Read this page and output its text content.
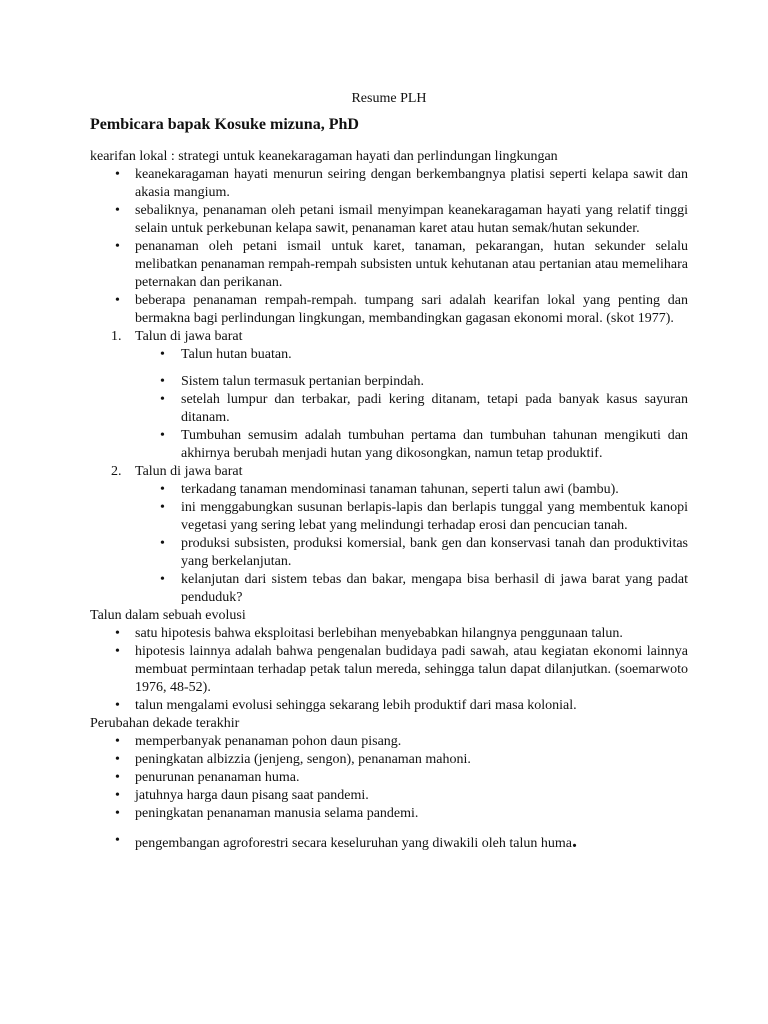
Resume PLH
Pembicara bapak Kosuke mizuna, PhD

kearifan lokal : strategi untuk keanekaragaman hayati dan perlindungan lingkungan

• keanekaragaman hayati menurun seiring dengan berkembangnya platisi seperti kelapa sawit dan akasia mangium.
• sebaliknya, penanaman oleh petani ismail menyimpan keanekaragaman hayati yang relatif tinggi selain untuk perkebunan kelapa sawit, penanaman karet atau hutan semak/hutan sekunder.
• penanaman oleh petani ismail untuk karet, tanaman, pekarangan, hutan sekunder selalu melibatkan penanaman rempah-rempah subsisten untuk kehutanan atau pertanian atau memelihara peternakan dan perikanan.
• beberapa penanaman rempah-rempah. tumpang sari adalah kearifan lokal yang penting dan bermakna bagi perlindungan lingkungan, membandingkan gagasan ekonomi moral. (skot 1977).
1. Talun di jawa barat
• Talun hutan buatan.
• Sistem talun termasuk pertanian berpindah.
• setelah lumpur dan terbakar, padi kering ditanam, tetapi pada banyak kasus sayuran ditanam.
• Tumbuhan semusim adalah tumbuhan pertama dan tumbuhan tahunan mengikuti dan akhirnya berubah menjadi hutan yang dikosongkan, namun tetap produktif.
2. Talun di jawa barat
• terkadang tanaman mendominasi tanaman tahunan, seperti talun awi (bambu).
• ini menggabungkan susunan berlapis-lapis dan berlapis tunggal yang membentuk kanopi vegetasi yang sering lebat yang melindungi terhadap erosi dan pencucian tanah.
• produksi subsisten, produksi komersial, bank gen dan konservasi tanah dan produktivitas yang berkelanjutan.
• kelanjutan dari sistem tebas dan bakar, mengapa bisa berhasil di jawa barat yang padat penduduk?

Talun dalam sebuah evolusi

• satu hipotesis bahwa eksploitasi berlebihan menyebabkan hilangnya penggunaan talun.
• hipotesis lainnya adalah bahwa pengenalan budidaya padi sawah, atau kegiatan ekonomi lainnya membuat permintaan terhadap petak talun mereda, sehingga talun dapat dilanjutkan. (soemarwoto 1976, 48-52).
• talun mengalami evolusi sehingga sekarang lebih produktif dari masa kolonial.

Perubahan dekade terakhir

• memperbanyak penanaman pohon daun pisang.
• peningkatan albizzia (jenjeng, sengon), penanaman mahoni.
• penurunan penanaman huma.
• jatuhnya harga daun pisang saat pandemi.
• peningkatan penanaman manusia selama pandemi.
• pengembangan agroforestri secara keseluruhan yang diwakili oleh talun huma.
